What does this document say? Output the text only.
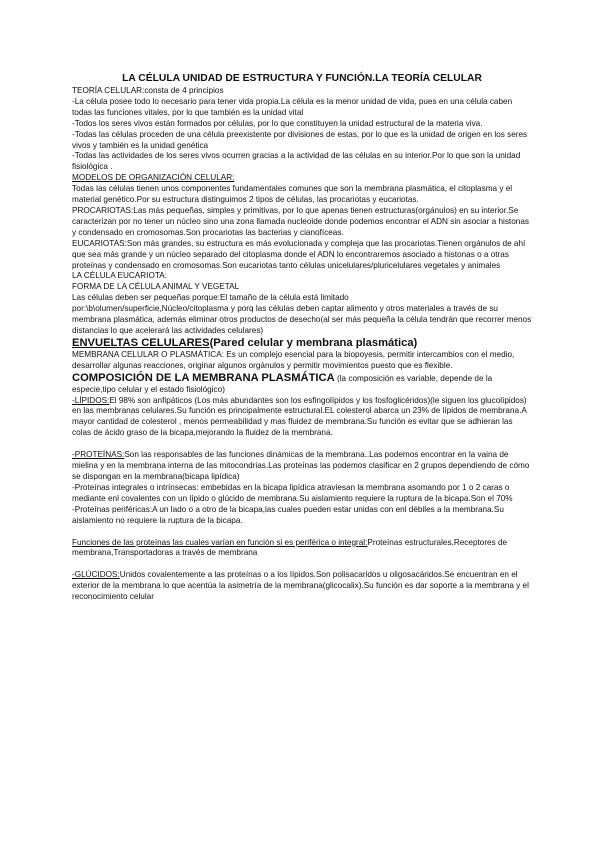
LA CÉLULA UNIDAD DE ESTRUCTURA Y FUNCIÓN.LA TEORÍA CELULAR

TEORÍA CELULAR:consta de 4 principios

-La célula posee todo lo necesario para tener vida propia.La célula es la menor unidad de vida, pues en una célula caben todas las funciones vitales, por lo que también es la unidad vital

-Todos los seres vivos están formados por células, por lo que constituyen la unidad estructural de la materia viva.

-Todas las células proceden de una célula preexistente por divisiones de estas, por lo que es la unidad de origen en los seres vivos y también es la unidad genética

-Todas las actividades de los seres vivos ocurren gracias a la actividad de las células en su interior.Por lo que son la unidad fisiológica .

MODELOS DE ORGANIZACIÓN CELULAR:

Todas las células tienen unos componentes fundamentales comunes que son la membrana plasmática, el citoplasma y el material genético.Por su estructura distinguimos 2 tipos de células, las procariotas y eucariotas.

PROCARIOTAS:Las más pequeñas, simples y primitivas, por lo que apenas tienen estructuras(orgánulos) en su interior.Se caracterizan por no tener un núcleo sino una zona llamada nucleoide donde podemos encontrar el ADN sin asociar a histonas y condensado en cromosomas.Son procariotas las bacterias y cianofíceas.

EUCARIOTAS:Son más grandes, su estructura es más evolucionada y compleja que las procariotas.Tienen orgánulos de ahí que sea más grande y un núcleo separado del citoplasma donde el ADN lo encontraremos asociado a histonas o a otras proteínas y condensado en cromosomas.Son eucariotas tanto células unicelulares/pluricelulares vegetales y animales

LA CÉLULA EUCARIOTA:

FORMA DE LA CÉLULA ANIMAL Y VEGETAL

Las células deben ser pequeñas porque:El tamaño de la célula está limitado

por:\b\olumen/superficie,Núcleo/citoplasma y porq las células deben captar alimento y otros materiales a través de su membrana plasmática, además eliminar otros productos de desecho(al ser más pequeña la célula tendrán que recorrer menos distancias lo que acelerará las actividades celulares)

ENVUELTAS CELULARES(Pared celular y membrana plasmática)

MEMBRANA CELULAR O PLASMÁTICA: Es un complejo esencial para la biopoyesis, permitir intercambios con el medio, desarrollar algunas reacciones, originar algunos orgánulos y permitir movimientos puesto que es flexible.

COMPOSICIÓN DE LA MEMBRANA PLASMÁTICA (la composición es variable, depende de la especie,tipo celular y el estado fisiológico)

-LÍPIDOS:El 98% son anfipáticos (Los más abundantes son los esfingolípidos y los fosfoglicéridos)(le siguen los glucolípidos) en las membranas celulares.Su función es principalmente estructural.EL colesterol abarca un 23% de lípidos de membrana.A mayor cantidad de colesterol , menos permeabilidad y mas fluidez de membrana.Su función es evitar que se adhieran las colas de ácido graso de la bicapa,mejorando la fluidez de la membrana.

-PROTEÍNAS:Son las responsables de las funciones dinámicas de la membrana..Las podemos encontrar en la vaina de mielina y en la membrana interna de las mitocondrias.Las proteínas las podemos clasificar en 2 grupos dependiendo de cómo se dispongan en la membrana(bicapa lipídica)

-Proteínas integrales o intrínsecas: embebidas en la bicapa lipídica atraviesan la membrana asomando por 1 o 2 caras o mediante enl covalentes con un lípido o glúcido de membrana.Su aislamiento requiere la ruptura de la bicapa.Son el 70%

-Proteínas periféricas:A un lado o a otro de la bicapa,las cuales pueden estar unidas con enl débiles a la membrana.Su aislamiento no requiere la ruptura de la bicapa.

Funciones de las proteínas las cuales varían en función si es periférica o integral:Proteínas estructurales,Receptores de membrana,Transportadoras a través de membrana

-GLÚCIDOS:Unidos covalentemente a las proteínas o a los lípidos.Son polisacaridos u oligosacáridos.Se encuentran en el exterior de la membrana lo que acentúa la asimetría de la membrana(glicocalix).Su función es dar soporte a la membrana y el reconocimiento celular
